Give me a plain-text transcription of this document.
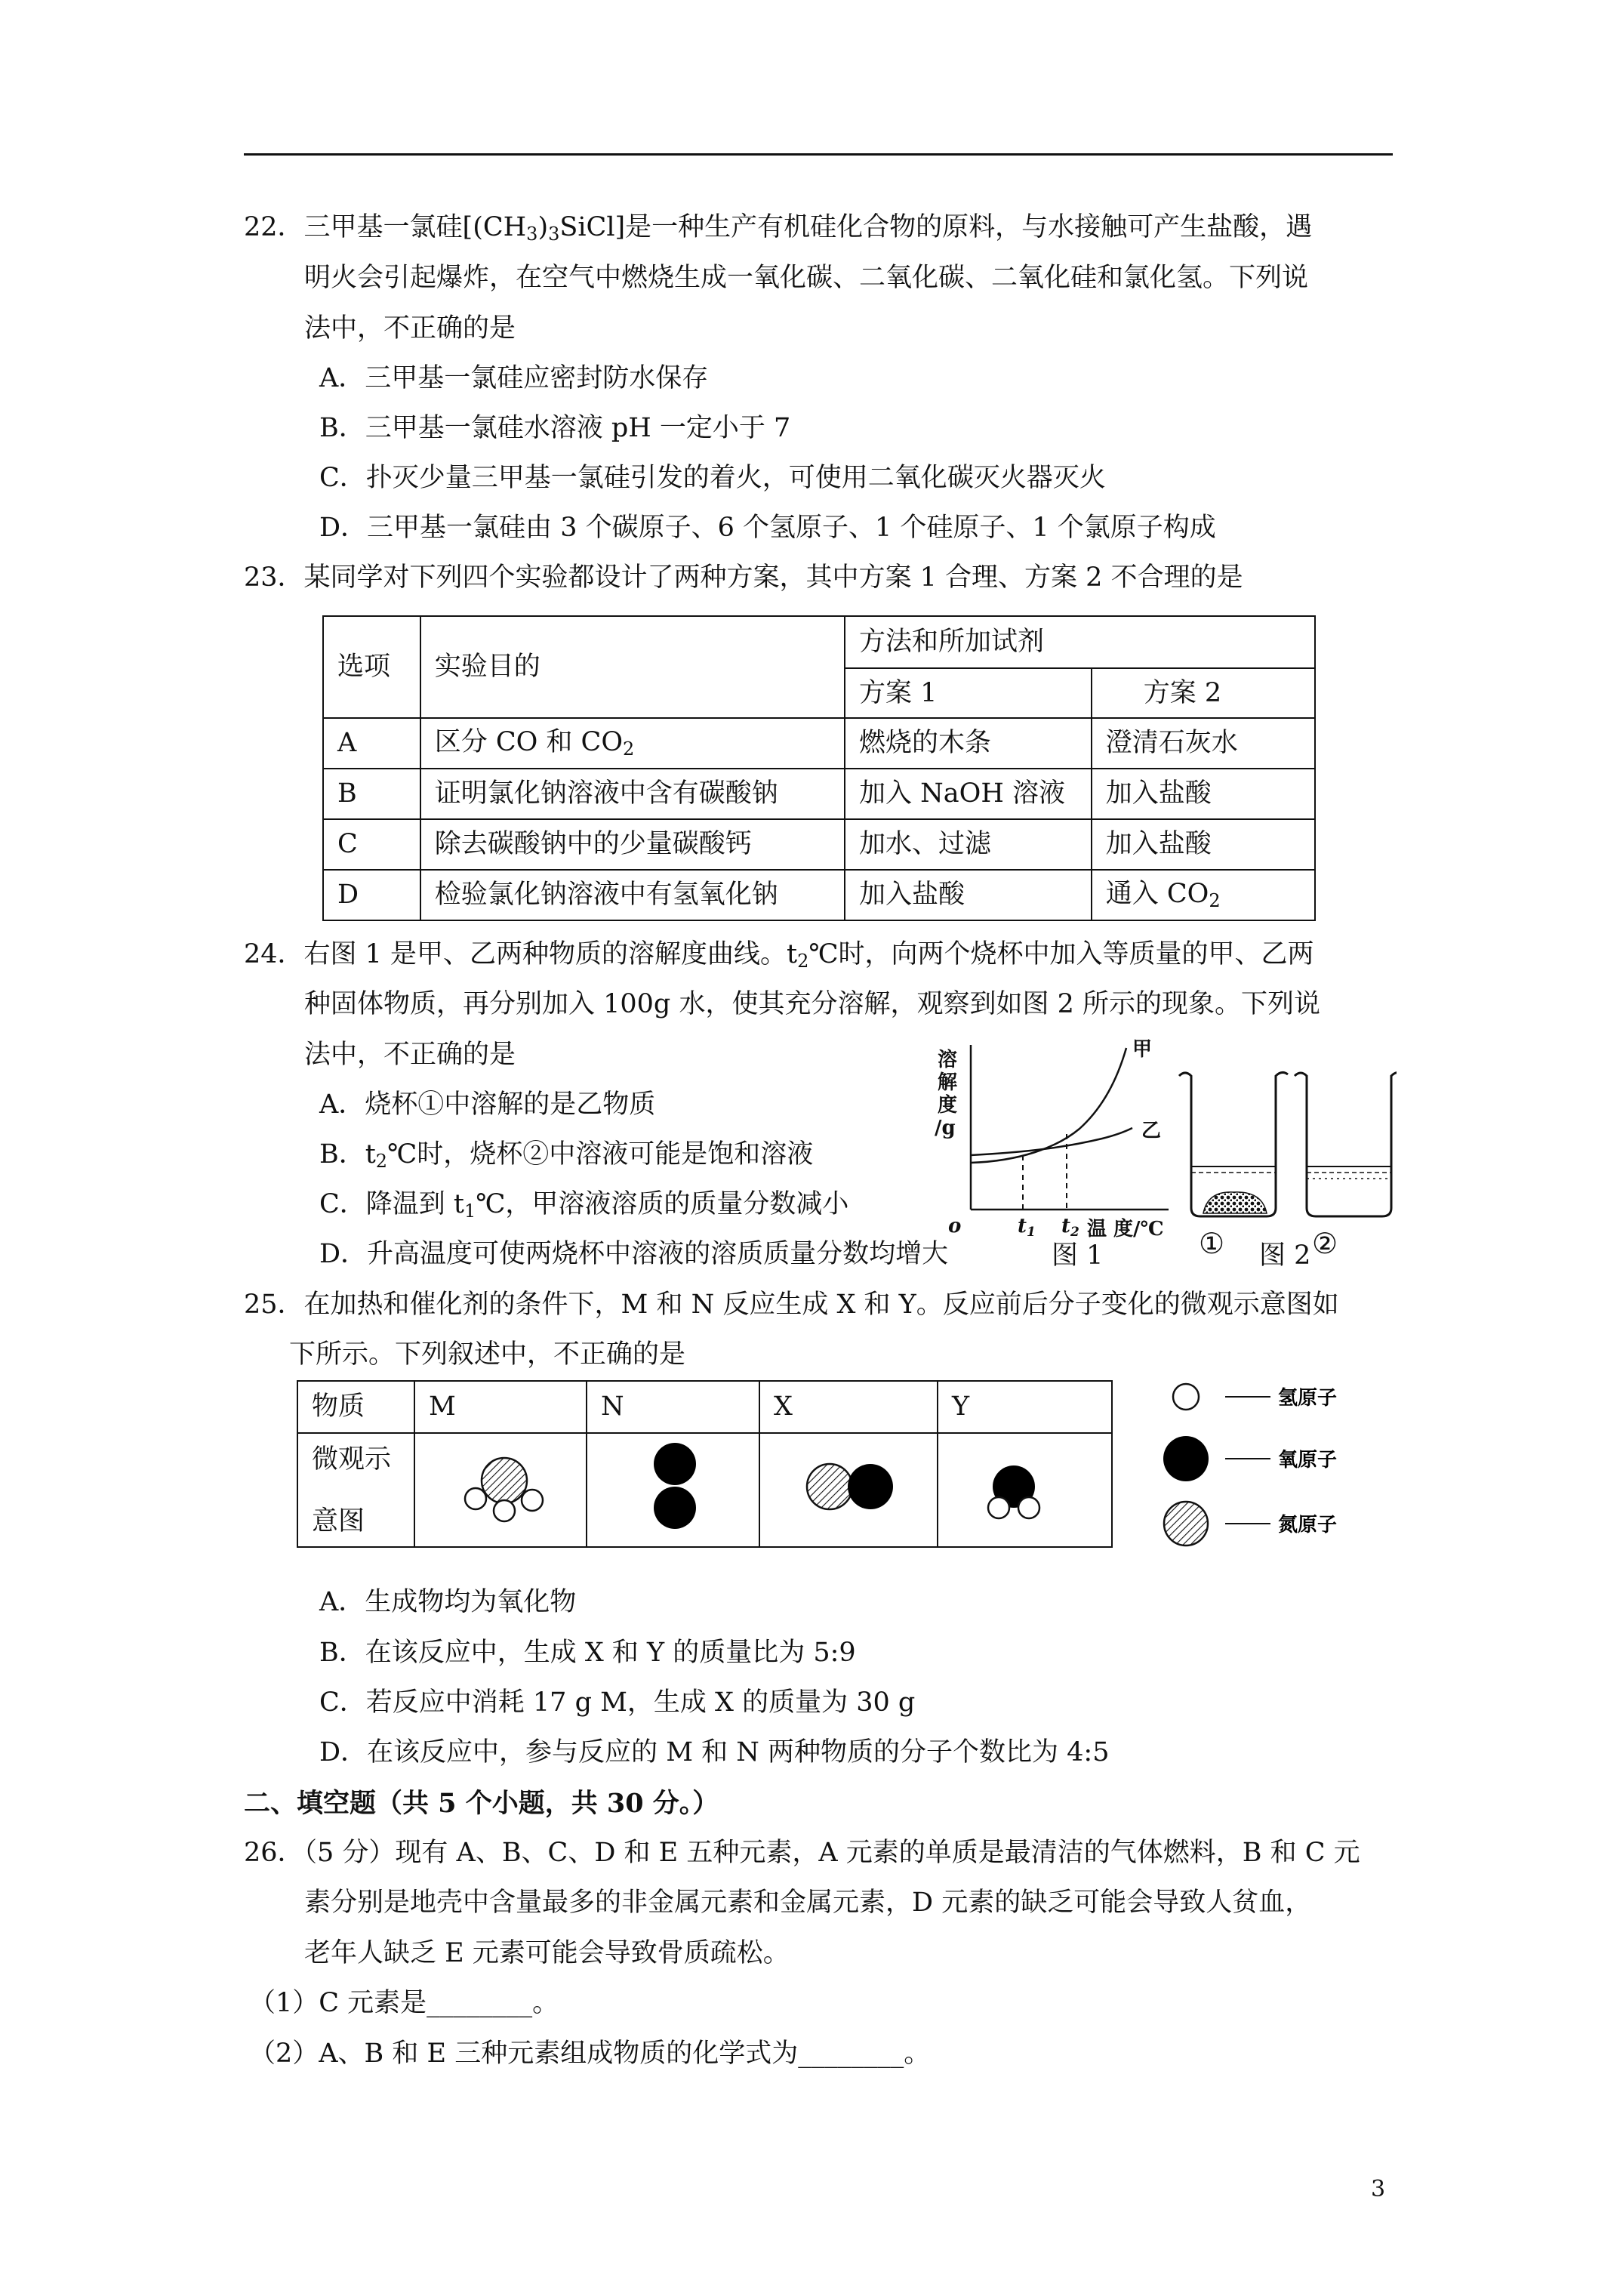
22．三甲基一氯硅$[(CH_3)_3SiCl]$是一种生产有机硅化合物的原料，与水接触可产生盐酸，遇
明火会引起爆炸，在空气中燃烧生成一氧化碳、二氧化碳、二氧化硅和氯化氢。下列说
法中，不正确的是
A．三甲基一氯硅应密封防水保存
B．三甲基一氯硅水溶液 pH 一定小于 7
C．扑灭少量三甲基一氯硅引发的着火，可使用二氧化碳灭火器灭火
D．三甲基一氯硅由 3 个碳原子、6 个氢原子、1 个硅原子、1 个氯原子构成
23．某同学对下列四个实验都设计了两种方案，其中方案 1 合理、方案 2 不合理的是
选项	实验目的	方法和所加试剂	
		方案 1	方案 2
A	区分 CO 和 $CO_2$	燃烧的木条	澄清石灰水
B	证明氯化钠溶液中含有碳酸钠	加入 NaOH 溶液	加入盐酸
C	除去碳酸钠中的少量碳酸钙	加水、过滤	加入盐酸
D	检验氯化钠溶液中有氢氧化钠	加入盐酸	通入 $CO_2$
24．右图 1 是甲、乙两种物质的溶解度曲线。$t_2℃$时，向两个烧杯中加入等质量的甲、乙两
种固体物质，再分别加入 100g 水，使其充分溶解，观察到如图 2 所示的现象。下列说
法中，不正确的是
A．烧杯①中溶解的是乙物质
B．$t_2℃$时，烧杯②中溶液可能是饱和溶液
C．降温到 $t_1℃$，甲溶液溶质的质量分数减小
D．升高温度可使两烧杯中溶液的溶质质量分数均增大
溶
解
度
/g
甲
乙
o	t1 t2 温 度/℃ ①	②
图 1	图 2
25．在加热和催化剂的条件下，M 和 N 反应生成 X 和 Y。反应前后分子变化的微观示意图如
下所示。下列叙述中，不正确的是
物质	M	N	X	Y

微观示
意图

氢原子
氧原子
氮原子
A．生成物均为氧化物
B．在该反应中，生成 X 和 Y 的质量比为 5:9
C．若反应中消耗 17 g M，生成 X 的质量为 30 g
D．在该反应中，参与反应的 M 和 N 两种物质的分子个数比为 4:5
二、填空题（共 5 个小题，共 30 分。）
26．（5 分）现有 A、B、C、D 和 E 五种元素，A 元素的单质是最清洁的气体燃料，B 和 C 元
素分别是地壳中含量最多的非金属元素和金属元素，D 元素的缺乏可能会导致人贫血，
老年人缺乏 E 元素可能会导致骨质疏松。
（1）C 元素是________。
（2）A、B 和 E 三种元素组成物质的化学式为________。
3
